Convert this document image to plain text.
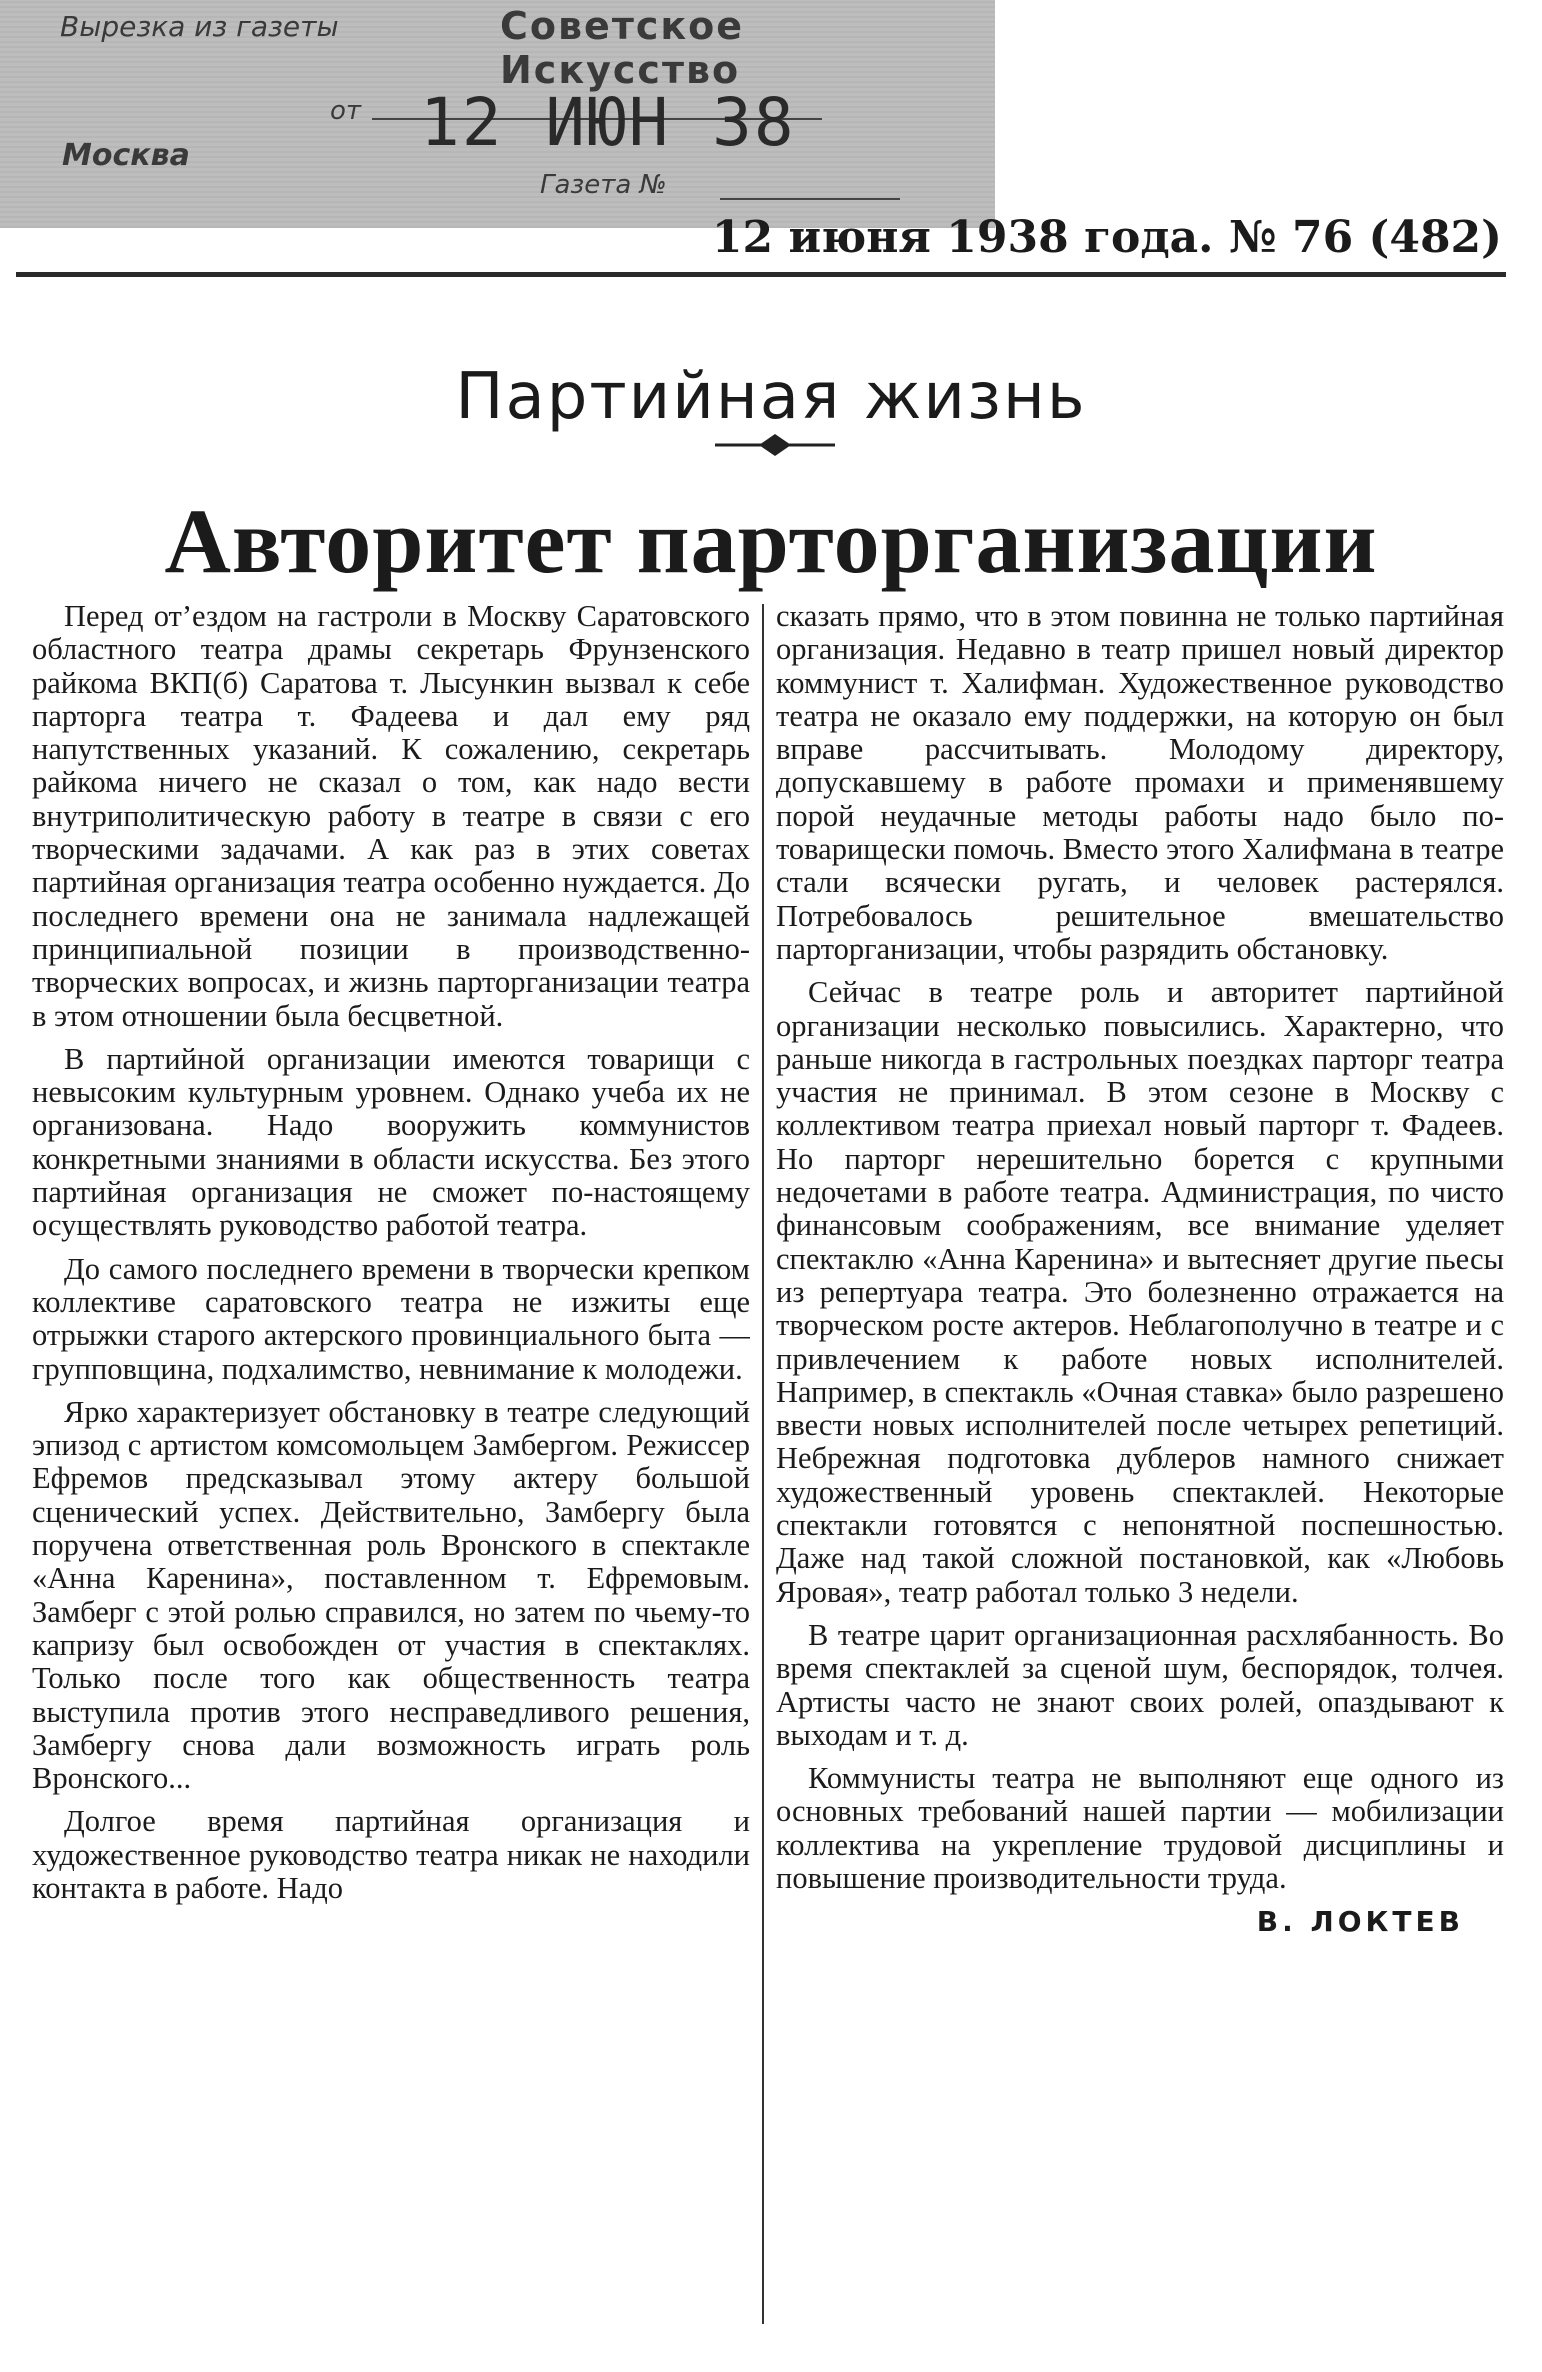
Вырезка из газеты	Советское Искусство
от 12 ИЮН 38
Москва
Газета №
12 июня 1938 года. № 76 (482)
Партийная жизнь
Авторитет парторганизации

Перед от’ездом на гастроли в Москву Саратовского областного театра драмы секретарь Фрунзенского райкома ВКП(б) Саратова т. Лысункин вызвал к себе парторга театра т. Фадеева и дал ему ряд напутственных указаний. К сожалению, секретарь райкома ничего не сказал о том, как надо вести внутриполитическую работу в театре в связи с его творческими задачами. А как раз в этих советах партийная организация театра особенно нуждается. До последнего времени она не занимала надлежащей принципиальной позиции в производственно-творческих вопросах, и жизнь парторганизации театра в этом отношении была бесцветной.

В партийной организации имеются товарищи с невысоким культурным уровнем. Однако учеба их не организована. Надо вооружить коммунистов конкретными знаниями в области искусства. Без этого партийная организация не сможет по-настоящему осуществлять руководство работой театра.

До самого последнего времени в творчески крепком коллективе саратовского театра не изжиты еще отрыжки старого актерского провинциального быта — групповщина, подхалимство, невнимание к молодежи.

Ярко характеризует обстановку в театре следующий эпизод с артистом комсомольцем Замбергом. Режиссер Ефремов предсказывал этому актеру большой сценический успех. Действительно, Замбергу была поручена ответственная роль Вронского в спектакле «Анна Каренина», поставленном т. Ефремовым. Замберг с этой ролью справился, но затем по чьему-то капризу был освобожден от участия в спектаклях. Только после того как общественность театра выступила против этого несправедливого решения, Замбергу снова дали возможность играть роль Вронского...

Долгое время партийная организация и художественное руководство театра никак не находили контакта в работе. Надо

сказать прямо, что в этом повинна не только партийная организация. Недавно в театр пришел новый директор коммунист т. Халифман. Художественное руководство театра не оказало ему поддержки, на которую он был вправе рассчитывать. Молодому директору, допускавшему в работе промахи и применявшему порой неудачные методы работы надо было по-товарищески помочь. Вместо этого Халифмана в театре стали всячески ругать, и человек растерялся. Потребовалось решительное вмешательство парторганизации, чтобы разрядить обстановку.

Сейчас в театре роль и авторитет партийной организации несколько повысились. Характерно, что раньше никогда в гастрольных поездках парторг театра участия не принимал. В этом сезоне в Москву с коллективом театра приехал новый парторг т. Фадеев. Но парторг нерешительно борется с крупными недочетами в работе театра. Администрация, по чисто финансовым соображениям, все внимание уделяет спектаклю «Анна Каренина» и вытесняет другие пьесы из репертуара театра. Это болезненно отражается на творческом росте актеров. Неблагополучно в театре и с привлечением к работе новых исполнителей. Например, в спектакль «Очная ставка» было разрешено ввести новых исполнителей после четырех репетиций. Небрежная подготовка дублеров намного снижает художественный уровень спектаклей. Некоторые спектакли готовятся с непонятной поспешностью. Даже над такой сложной постановкой, как «Любовь Яровая», театр работал только 3 недели.

В театре царит организационная расхлябанность. Во время спектаклей за сценой шум, беспорядок, толчея. Артисты часто не знают своих ролей, опаздывают к выходам и т. д.

Коммунисты театра не выполняют еще одного из основных требований нашей партии — мобилизации коллектива на укрепление трудовой дисциплины и повышение производительности труда.

В. ЛОКТЕВ
